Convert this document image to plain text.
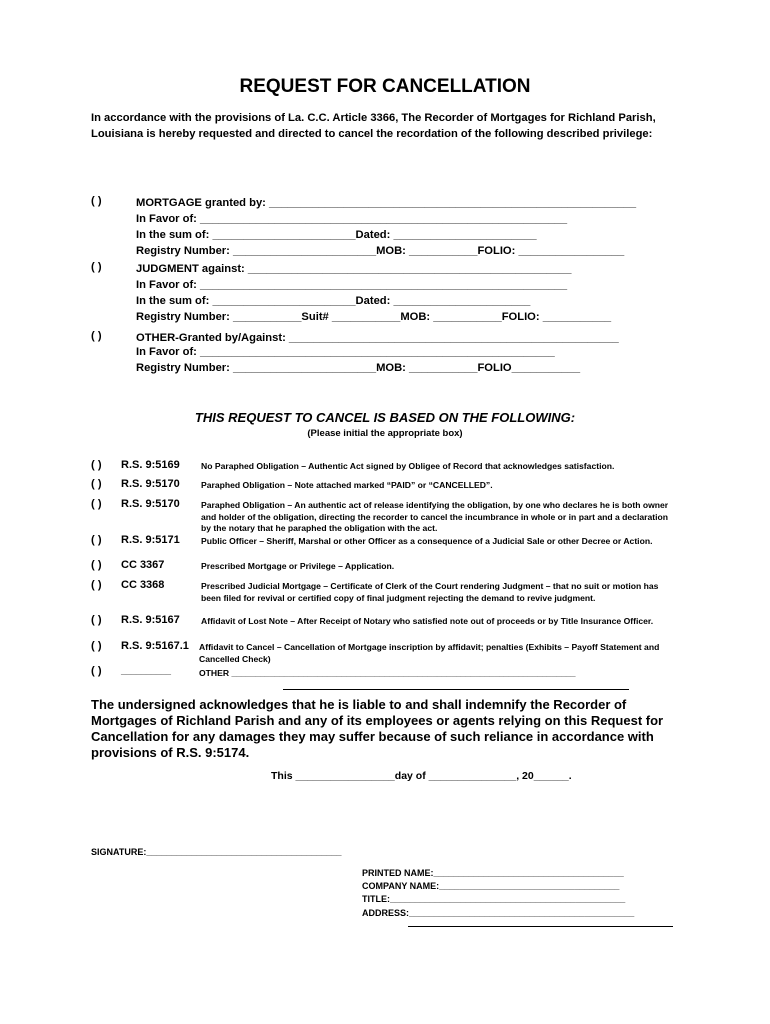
REQUEST FOR CANCELLATION
In accordance with the provisions of La. C.C. Article 3366, The Recorder of Mortgages for Richland Parish, Louisiana is hereby requested and directed to cancel the recordation of the following described privilege:
( )	MORTGAGE granted by: ___________________________________________________________
In Favor of: ___________________________________________________________
In the sum of: _______________________Dated: _______________________
Registry Number: _______________________MOB: ___________FOLIO: _________________
( )	JUDGMENT against: ____________________________________________________
In Favor of: ___________________________________________________________
In the sum of: _______________________Dated: ______________________
Registry Number: ___________Suit# ___________MOB: ___________FOLIO: ___________
( )	OTHER-Granted by/Against: _____________________________________________________
In Favor of: _________________________________________________________
Registry Number: _______________________MOB: ___________FOLIO___________
THIS REQUEST TO CANCEL IS BASED ON THE FOLLOWING:
(Please initial the appropriate box)
( ) R.S. 9:5169 No Paraphed Obligation – Authentic Act signed by Obligee of Record that acknowledges satisfaction.
( ) R.S. 9:5170 Paraphed Obligation – Note attached marked “PAID” or “CANCELLED”.
( ) R.S. 9:5170 Paraphed Obligation – An authentic act of release identifying the obligation, by one who declares he is both owner and holder of the obligation, directing the recorder to cancel the incumbrance in whole or in part and a declaration by the notary that he paraphed the obligation with the act.
( ) R.S. 9:5171 Public Officer – Sheriff, Marshal or other Officer as a consequence of a Judicial Sale or other Decree or Action.
( ) CC 3367	Prescribed Mortgage or Privilege – Application.
( ) CC 3368	Prescribed Judicial Mortgage – Certificate of Clerk of the Court rendering Judgment – that no suit or motion has been filed for revival or certified copy of final judgment rejecting the demand to revive judgment.
( ) R.S. 9:5167 Affidavit of Lost Note – After Receipt of Notary who satisfied note out of proceeds or by Title Insurance Officer.
( ) R.S. 9:5167.1 Affidavit to Cancel – Cancellation of Mortgage inscription by affidavit; penalties (Exhibits – Payoff Statement and Cancelled Check)
( ) __________	OTHER ________________________________________________________________________
The undersigned acknowledges that he is liable to and shall indemnify the Recorder of Mortgages of Richland Parish and any of its employees or agents relying on this Request for Cancellation for any damages they may suffer because of such reliance in accordance with provisions of R.S. 9:5174.
This _________________day of _______________, 20______.
SIGNATURE:_______________________________________
PRINTED NAME:______________________________________
COMPANY NAME:____________________________________
TITLE:_______________________________________________
ADDRESS:_____________________________________________
